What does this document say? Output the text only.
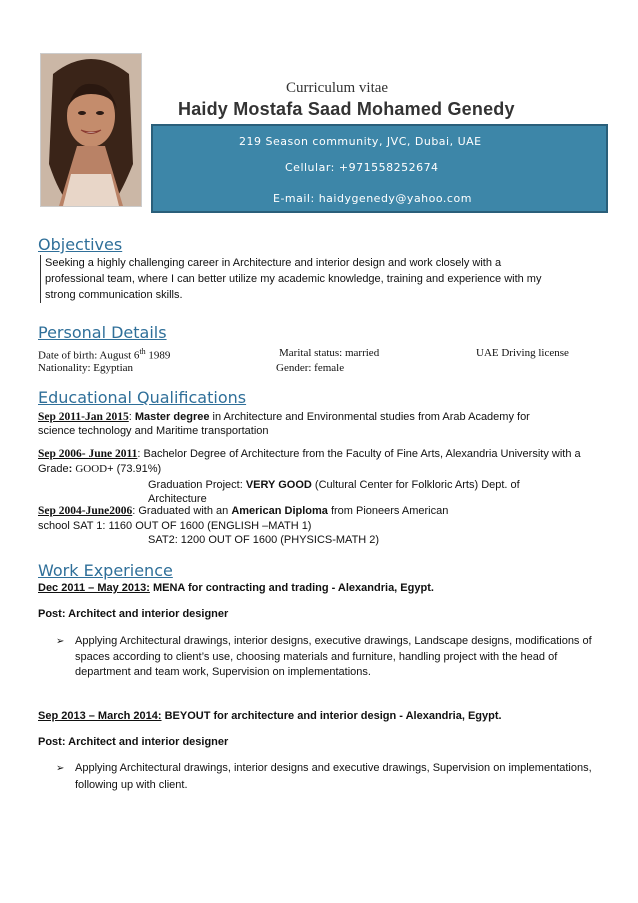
Curriculum vitae
Haidy Mostafa Saad Mohamed Genedy
219 Season community, JVC, Dubai, UAE
Cellular: +971558252674
E-mail: haidygenedy@yahoo.com
Objectives
Seeking a highly challenging career in Architecture and interior design and work closely with a
professional team, where I can better utilize my academic knowledge, training and experience with my
strong communication skills.
Personal Details
Date of birth: August 6th 1989	Marital status: married	UAE Driving license
Nationality: Egyptian	Gender: female
Educational Qualifications
Sep 2011-Jan 2015: Master degree in Architecture and Environmental studies from Arab Academy for
science technology and Maritime transportation
Sep 2006- June 2011: Bachelor Degree of Architecture from the Faculty of Fine Arts, Alexandria University with a
Grade: GOOD+ (73.91%)
Graduation Project: VERY GOOD (Cultural Center for Folkloric Arts) Dept. of
Architecture
Sep 2004-June2006: Graduated with an American Diploma from Pioneers American
school SAT 1: 1160 OUT OF 1600 (ENGLISH –MATH 1)
SAT2: 1200 OUT OF 1600 (PHYSICS-MATH 2)
Work Experience
Dec 2011 – May 2013: MENA for contracting and trading - Alexandria, Egypt.
Post: Architect and interior designer
➢ Applying Architectural drawings, interior designs, executive drawings, Landscape designs, modifications of
spaces according to client’s use, choosing materials and furniture, handling project with the head of
department and team work, Supervision on implementations.
Sep 2013 – March 2014: BEYOUT for architecture and interior design - Alexandria, Egypt.
Post: Architect and interior designer
➢ Applying Architectural drawings, interior designs and executive drawings, Supervision on implementations,
following up with client.
